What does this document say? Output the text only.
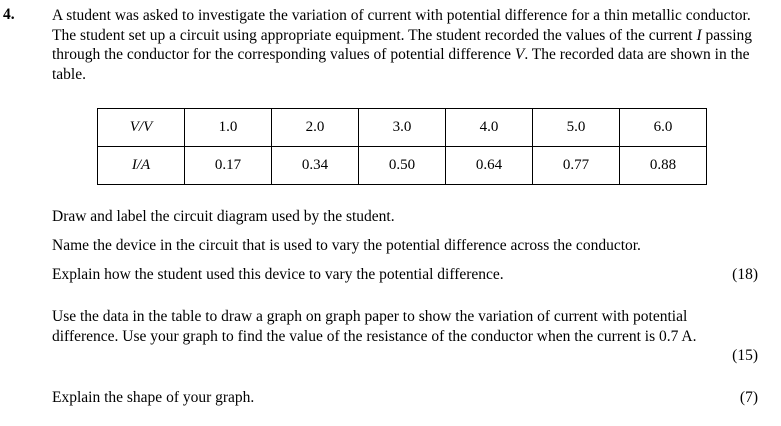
4. A student was asked to investigate the variation of current with potential difference for a thin metallic conductor. The student set up a circuit using appropriate equipment. The student recorded the values of the current I passing through the conductor for the corresponding values of potential difference V. The recorded data are shown in the table.

V/V	1.0	2.0	3.0	4.0	5.0	6.0
I/A	0.17	0.34	0.50	0.64	0.77	0.88
Draw and label the circuit diagram used by the student.
Name the device in the circuit that is used to vary the potential difference across the conductor.
Explain how the student used this device to vary the potential difference.	(18)
Use the data in the table to draw a graph on graph paper to show the variation of current with potential difference. Use your graph to find the value of the resistance of the conductor when the current is 0.7 A.
(15)
Explain the shape of your graph.	(7)
